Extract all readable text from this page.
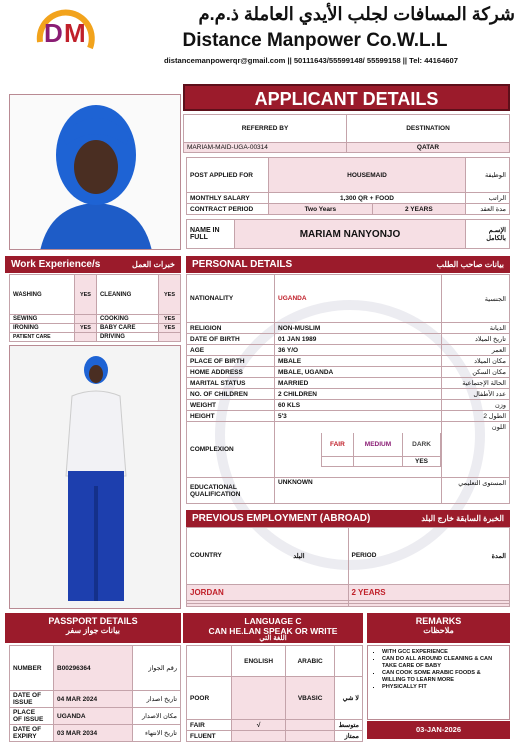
D M
شركة المسافات لجلب الأيدي العاملة ذ.م.م
Distance Manpower Co.W.L.L
distancemanpowerqr@gmail.com || 50111643/55599148/ 55599158 || Tel: 44164607
APPLICANT DETAILS
REFERRED BY	DESTINATION
MARIAM-MAID-UGA-00314	QATAR
POST APPLIED FOR	HOUSEMAID		الوظيفة
MONTHLY SALARY	1,300 QR + FOOD		الراتب
CONTRACT PERIOD	Two Years	2 YEARS	مدة العقد
NAME IN
FULL	MARIAM NANYONJO	الإسـم
بالكامل
Work Experience/s	خبرات العمل
WASHING	YES	CLEANING	YES
SEWING		COOKING	YES
IRONING	YES	BABY CARE	YES
PATIENT CARE		DRIVING	
PERSONAL DETAILS	بيانات صاحب الطلب
NATIONALITY	UGANDA	الجنسية
RELIGION	NON-MUSLIM	الديانة
DATE OF BIRTH	01 JAN 1989	تاريخ الميلاد
AGE	36 Y/O	العمر
PLACE OF BIRTH	MBALE	مكان الميلاد
HOME ADDRESS	MBALE, UGANDA	مكان السكن
MARITAL STATUS	MARRIED	الحالة الإجتماعية
NO. OF CHILDREN	2 CHILDREN	عدد الأطفال
WEIGHT	60 KLS	وزن
HEIGHT	5'3	2 الطول
COMPLEXION	
	FAIR	MEDIUM	DARK
			YES
	اللون
EDUCATIONAL
QUALIFICATION	UNKNOWN	المستوى التعليمي
PREVIOUS EMPLOYMENT (ABROAD)	الخبرة السابقة خارج البلد
COUNTRY البلد	PERIOD المدة

JORDAN	2 YEARS

PASSPORT DETAILS
بيانات جواز سفر
NUMBER	B00296364	رقم الجواز
DATE OF
ISSUE	04 MAR 2024	تاريخ اصدار
PLACE
OF ISSUE	UGANDA	مكان الاصدار
DATE OF
EXPIRY	03 MAR 2034	تاريخ الانتهاء
LANGUAGE C
CAN HE.LAN SPEAK OR WRITE
اللغة التي
	ENGLISH	ARABIC	
POOR		VBASIC	لا شي
FAIR	√		متوسط
FLUENT			ممتاز
REMARKS
ملاحظات
▪ WITH GCC EXPERIENCE
▪ CAN DO ALL AROUND CLEANING & CAN TAKE CARE OF BABY
▪ CAN COOK SOME ARABIC FOODS & WILLING TO LEARN MORE
▪ PHYSICALLY FIT
03-JAN-2026
